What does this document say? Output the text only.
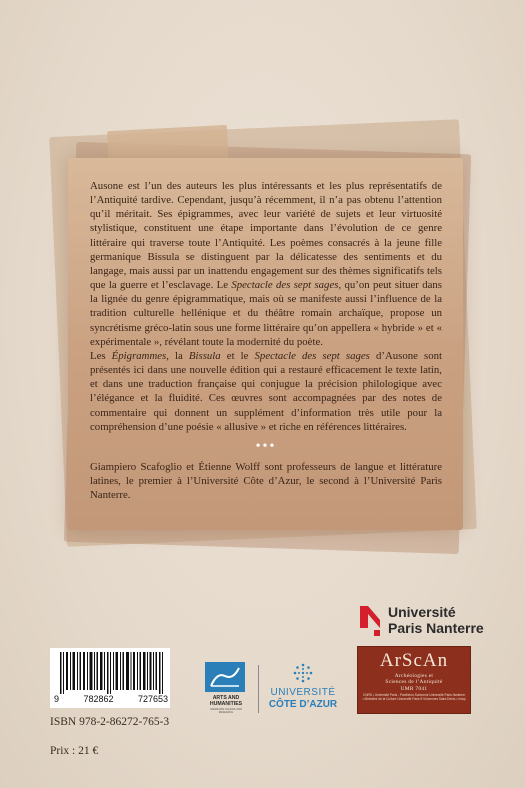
Ausone est l’un des auteurs les plus intéressants et les plus représentatifs de l’Antiquité tardive. Cependant, jusqu’à récemment, il n’a pas obtenu l’attention qu’il méritait. Ses épigrammes, avec leur variété de sujets et leur virtuosité stylistique, constituent une étape importante dans l’évolution de ce genre littéraire qui traverse toute l’Antiquité. Les poèmes consacrés à la jeune fille germanique Bissula se distinguent par la délicatesse des sentiments et du langage, mais aussi par un inattendu engagement sur des thèmes significatifs tels que la guerre et l’esclavage. Le Spectacle des sept sages, qu’on peut situer dans la lignée du genre épigrammatique, mais où se manifeste aussi l’influence de la tradition culturelle hellénique et du théâtre romain archaïque, propose un syncrétisme gréco-latin sous une forme littéraire qu’on appellera « hybride » et « expérimentale », révélant toute la modernité du poète.

Les Épigrammes, la Bissula et le Spectacle des sept sages d’Ausone sont présentés ici dans une nouvelle édition qui a restauré efficacement le texte latin, et dans une traduction française qui conjugue la précision philologique avec l’élégance et la fluidité. Ces œuvres sont accompagnées par des notes de commentaire qui donnent un supplément d’information très utile pour la compréhension d’une poésie « allusive » et riche en références littéraires.

•••

Giampiero Scafoglio et Étienne Wolff sont professeurs de langue et littérature latines, le premier à l’Université Côte d’Azur, le second à l’Université Paris Nanterre.

Université
Paris Nanterre
ArScAn
Archéologies et
Sciences de l’Antiquité
UMR 7041
CNRS • Université Paris - Panthéon-Sorbonne Université Paris Nanterre • Ministère de la Culture Université Paris 8 Vincennes Saint-Denis • Inrap
9	782862	727653	ARTS AND
HUMANITIES
GRADUATE SCHOOL AND RESEARCH
UNIVERSITÉ
CÔTE D’AZUR
ISBN 978-2-86272-765-3
Prix : 21 €
